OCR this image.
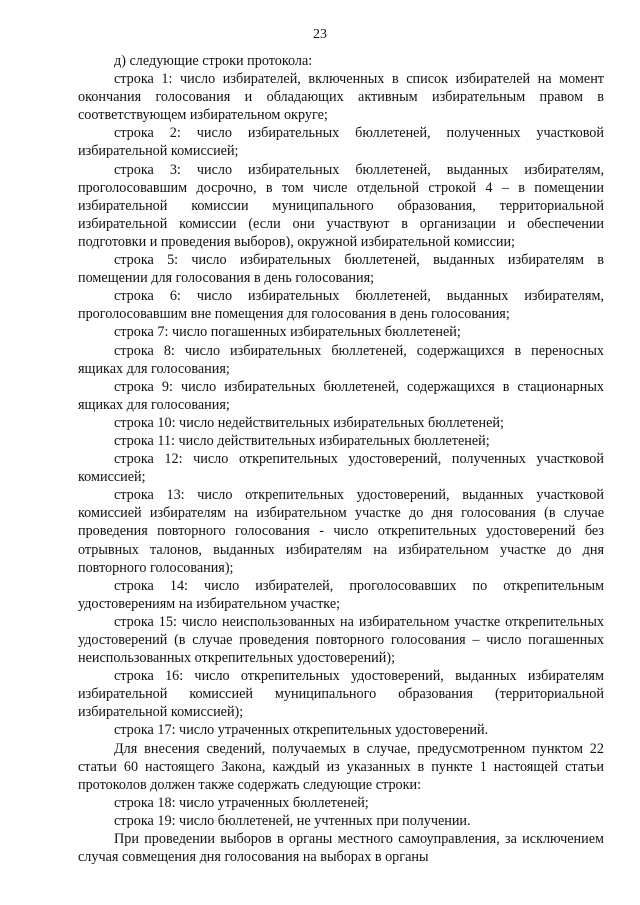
23

д) следующие строки протокола:

строка 1: число избирателей, включенных в список избирателей на момент окончания голосования и обладающих активным избирательным правом в соответствующем избирательном округе;

строка 2: число избирательных бюллетеней, полученных участковой избирательной комиссией;

строка 3: число избирательных бюллетеней, выданных избирателям, проголосовавшим досрочно, в том числе отдельной строкой 4 – в помещении избирательной комиссии муниципального образования, территориальной избирательной комиссии (если они участвуют в организации и обеспечении подготовки и проведения выборов), окружной избирательной комиссии;

строка 5: число избирательных бюллетеней, выданных избирателям в помещении для голосования в день голосования;

строка 6: число избирательных бюллетеней, выданных избирателям, проголосовавшим вне помещения для голосования в день голосования;

строка 7: число погашенных избирательных бюллетеней;

строка 8: число избирательных бюллетеней, содержащихся в переносных ящиках для голосования;

строка 9: число избирательных бюллетеней, содержащихся в стационарных ящиках для голосования;

строка 10: число недействительных избирательных бюллетеней;

строка 11: число действительных избирательных бюллетеней;

строка 12: число открепительных удостоверений, полученных участковой комиссией;

строка 13: число открепительных удостоверений, выданных участковой комиссией избирателям на избирательном участке до дня голосования (в случае проведения повторного голосования - число открепительных удостоверений без отрывных талонов, выданных избирателям на избирательном участке до дня повторного голосования);

строка 14: число избирателей, проголосовавших по открепительным удостоверениям на избирательном участке;

строка 15: число неиспользованных на избирательном участке открепительных удостоверений (в случае проведения повторного голосования – число погашенных неиспользованных открепительных удостоверений);

строка 16: число открепительных удостоверений, выданных избирателям избирательной комиссией муниципального образования (территориальной избирательной комиссией);

строка 17: число утраченных открепительных удостоверений.

Для внесения сведений, получаемых в случае, предусмотренном пунктом 22 статьи 60 настоящего Закона, каждый из указанных в пункте 1 настоящей статьи протоколов должен также содержать следующие строки:

строка 18: число утраченных бюллетеней;

строка 19: число бюллетеней, не учтенных при получении.

При проведении выборов в органы местного самоуправления, за исключением случая совмещения дня голосования на выборах в органы
